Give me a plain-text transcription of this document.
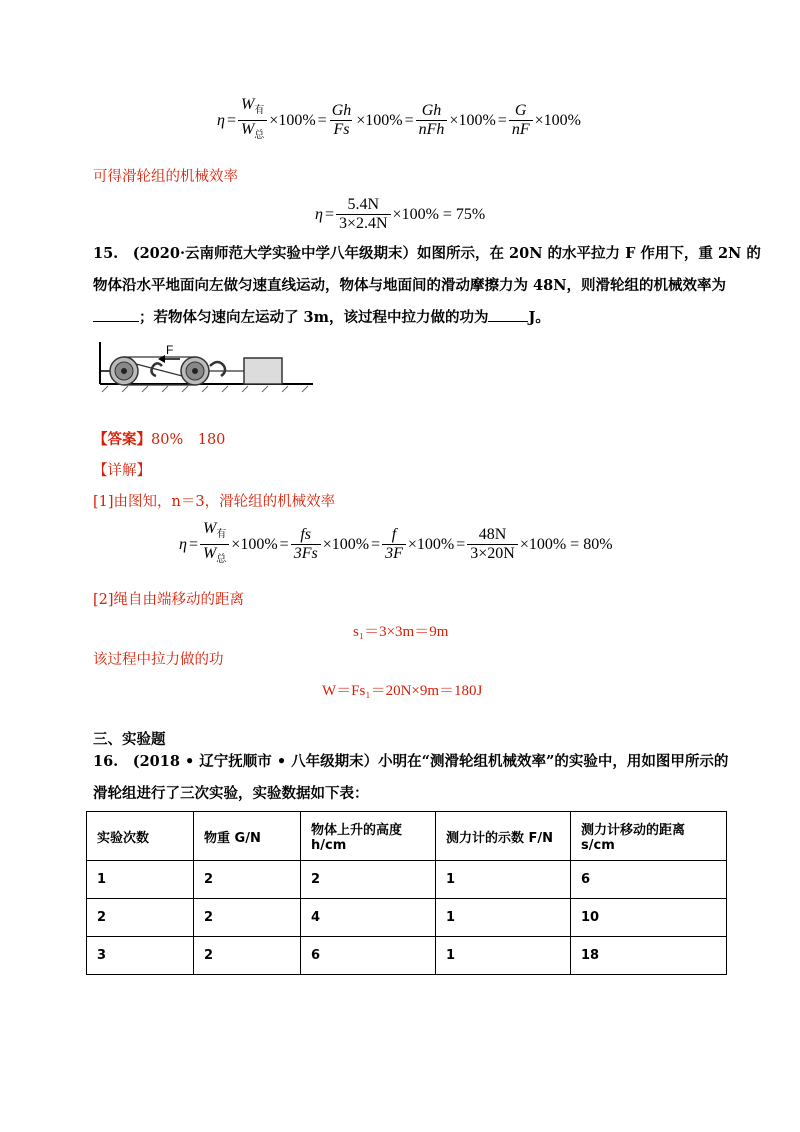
$\eta = \frac{W_有}{W_总} \times 100\% = \frac{Gh}{Fs} \times 100\% = \frac{Gh}{\text{nFh}} \times 100\% = \frac{G}{nF} \times 100\%$
可得滑轮组的机械效率
$\eta = \frac{5.4N}{3\times 2.4N} \times 100\% = 75\%$
15.　(2020·云南师范大学实验中学八年级期末）如图所示，在 20N 的水平拉力 F 作用下，重 2N 的
物体沿水平地面向左做匀速直线运动，物体与地面间的滑动摩擦力为 48N，则滑轮组的机械效率为
；若物体匀速向左运动了 3m，该过程中拉力做的功为	J。
F
【答案】80%　180
【详解】
[1]由图知，n＝3，滑轮组的机械效率
$\eta = \frac{W_有}{W_总} \times 100\% = \frac{fs}{3Fs} \times 100\% = \frac{f}{3F} \times 100\% = \frac{48N}{3\times 20N} \times 100\% = 80\%$
[2]绳自由端移动的距离
s₁＝3×3m＝9m
该过程中拉力做的功
W＝Fs₁＝20N×9m＝180J
三、实验题
16.　(2018 • 辽宁抚顺市 • 八年级期末）小明在“测滑轮组机械效率”的实验中，用如图甲所示的
滑轮组进行了三次实验，实验数据如下表：
实验次数	物重 G/N	物体上升的高度 h/cm	测力计的示数 F/N	测力计移动的距离 s/cm
1	2	2	1	6
2	2	4	1	10
3	2	6	1	18
